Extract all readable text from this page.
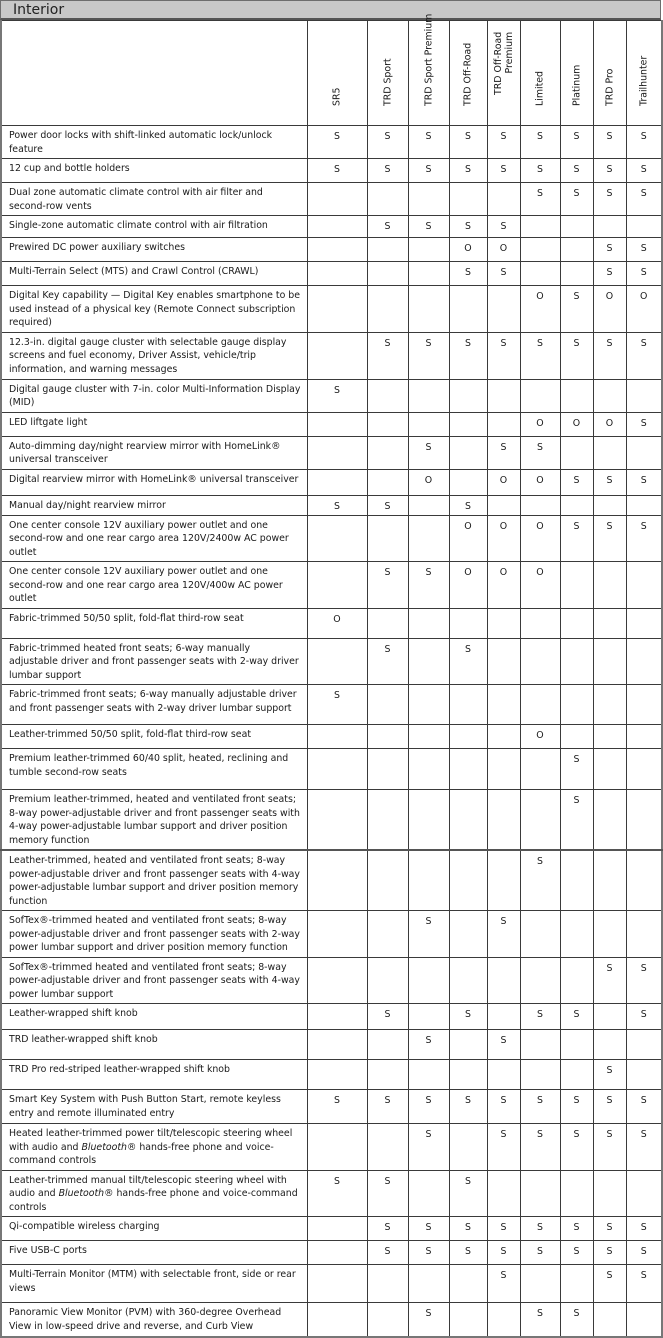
Interior

	SR5	TRD Sport	TRD Sport Premium	TRD Off-Road	TRD Off-Road Premium	Limited	Platinum	TRD Pro	Trailhunter

Power door locks with shift-linked automatic lock/unlock feature	S	S	S	S	S	S	S	S	S
12 cup and bottle holders	S	S	S	S	S	S	S	S	S
Dual zone automatic climate control with air filter and second-row vents						S	S	S	S
Single-zone automatic climate control with air filtration		S	S	S	S				
Prewired DC power auxiliary switches				O	O			S	S
Multi-Terrain Select (MTS) and Crawl Control (CRAWL)				S	S			S	S
Digital Key capability — Digital Key enables smartphone to be used instead of a physical key (Remote Connect subscription required)						O	S	O	O
12.3-in. digital gauge cluster with selectable gauge display screens and fuel economy, Driver Assist, vehicle/trip information, and warning messages		S	S	S	S	S	S	S	S
Digital gauge cluster with 7-in. color Multi-Information Display (MID)	S								
LED liftgate light						O	O	O	S
Auto-dimming day/night rearview mirror with HomeLink® universal transceiver			S		S	S			
Digital rearview mirror with HomeLink® universal transceiver			O		O	O	S	S	S
Manual day/night rearview mirror	S	S		S					
One center console 12V auxiliary power outlet and one second-row and one rear cargo area 120V/2400w AC power outlet				O	O	O	S	S	S
One center console 12V auxiliary power outlet and one second-row and one rear cargo area 120V/400w AC power outlet		S	S	O	O	O			
Fabric-trimmed 50/50 split, fold-flat third-row seat	O								
Fabric-trimmed heated front seats; 6-way manually adjustable driver and front passenger seats with 2-way driver lumbar support		S		S					
Fabric-trimmed front seats; 6-way manually adjustable driver and front passenger seats with 2-way driver lumbar support	S								
Leather-trimmed 50/50 split, fold-flat third-row seat						O			
Premium leather-trimmed 60/40 split, heated, reclining and tumble second-row seats							S		
Premium leather-trimmed, heated and ventilated front seats; 8-way power-adjustable driver and front passenger seats with 4-way power-adjustable lumbar support and driver position memory function							S		
Leather-trimmed, heated and ventilated front seats; 8-way power-adjustable driver and front passenger seats with 4-way power-adjustable lumbar support and driver position memory function						S			
SofTex®-trimmed heated and ventilated front seats; 8-way power-adjustable driver and front passenger seats with 2-way power lumbar support and driver position memory function			S		S				
SofTex®-trimmed heated and ventilated front seats; 8-way power-adjustable driver and front passenger seats with 4-way power lumbar support								S	S
Leather-wrapped shift knob		S		S		S	S		S
TRD leather-wrapped shift knob			S		S				
TRD Pro red-striped leather-wrapped shift knob								S	
Smart Key System with Push Button Start, remote keyless entry and remote illuminated entry	S	S	S	S	S	S	S	S	S
Heated leather-trimmed power tilt/telescopic steering wheel with audio and Bluetooth® hands-free phone and voice-command controls			S		S	S	S	S	S
Leather-trimmed manual tilt/telescopic steering wheel with audio and Bluetooth® hands-free phone and voice-command controls	S	S		S					
Qi-compatible wireless charging		S	S	S	S	S	S	S	S
Five USB-C ports		S	S	S	S	S	S	S	S
Multi-Terrain Monitor (MTM) with selectable front, side or rear views					S			S	S
Panoramic View Monitor (PVM) with 360-degree Overhead View in low-speed drive and reverse, and Curb View			S			S	S		
